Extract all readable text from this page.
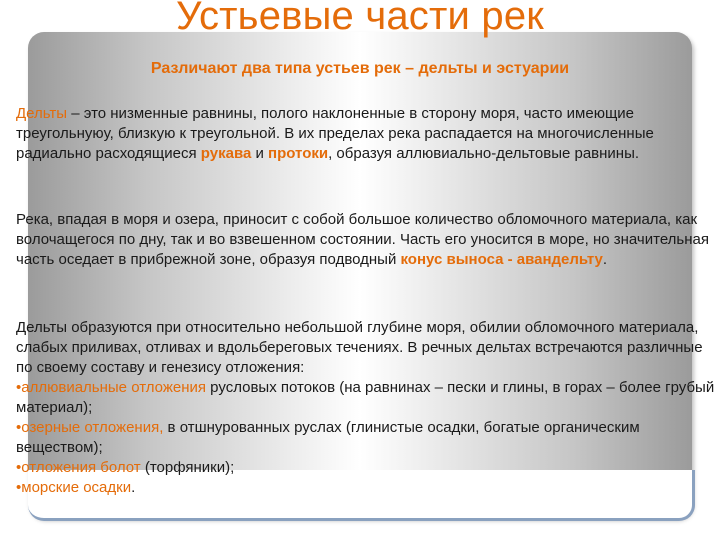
Устьевые части рек
Различают два типа устьев рек – дельты и эстуарии
Дельты – это низменные равнины, полого наклоненные в сторону моря, часто имеющие треугольнуюу, близкую к треугольной. В их пределах река распадается на многочисленные радиально расходящиеся рукава и протоки, образуя аллювиально-дельтовые равнины.
Река, впадая в моря и озера, приносит с собой большое количество обломочного материала, как волочащегося по дну, так и во взвешенном состоянии. Часть его уносится в море, но значительная часть оседает в прибрежной зоне, образуя подводный конус выноса - авандельту.
Дельты образуются при относительно небольшой глубине моря, обилии обломочного материала, слабых приливах, отливах и вдольбереговых течениях. В речных дельтах встречаются различные по своему составу и генезису отложения:
•аллювиальные отложения русловых потоков (на равнинах – пески и глины, в горах – более грубый материал);
•озерные отложения, в отшнурованных руслах (глинистые осадки, богатые органическим веществом);
•отложения болот (торфяники);
•морские осадки.
